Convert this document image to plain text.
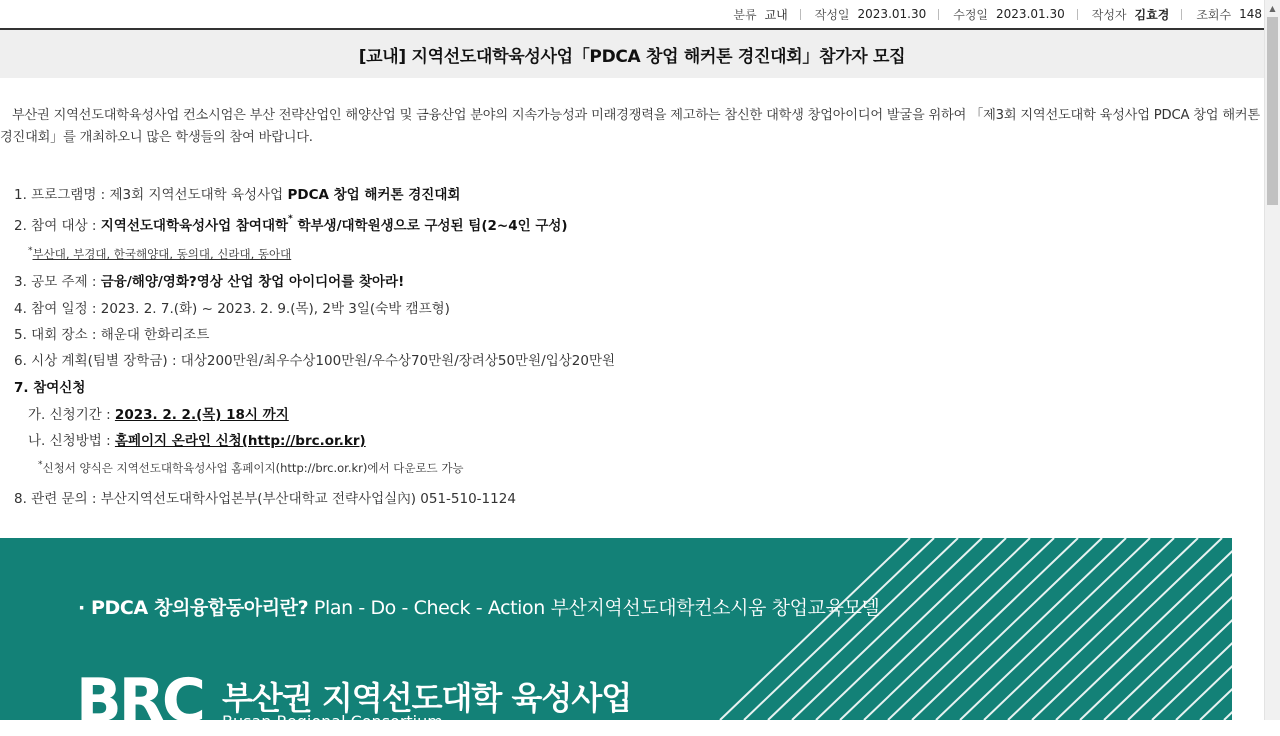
분류 교내 작성일 2023.01.30 수정일 2023.01.30 작성자 김효경 조회수 148
[교내] 지역선도대학육성사업「PDCA 창업 해커톤 경진대회」참가자 모집
부산권 지역선도대학육성사업 컨소시엄은 부산 전략산업인 해양산업 및 금융산업 분야의 지속가능성과 미래경쟁력을 제고하는 참신한 대학생 창업아이디어 발굴을 위하여 「제3회 지역선도대학 육성사업 PDCA 창업 해커톤 경진대회」를 개최하오니 많은 학생들의 참여 바랍니다.
1. 프로그램명 : 제3회 지역선도대학 육성사업 PDCA 창업 해커톤 경진대회
2. 참여 대상 : 지역선도대학육성사업 참여대학* 학부생/대학원생으로 구성된 팀(2~4인 구성)
*부산대, 부경대, 한국해양대, 동의대, 신라대, 동아대
3. 공모 주제 : 금융/해양/영화?영상 산업 창업 아이디어를 찾아라!
4. 참여 일정 : 2023. 2. 7.(화) ~ 2023. 2. 9.(목), 2박 3일(숙박 캠프형)
5. 대회 장소 : 해운대 한화리조트
6. 시상 계획(팀별 장학금) : 대상200만원/최우수상100만원/우수상70만원/장려상50만원/입상20만원
7. 참여신청
가. 신청기간 : 2023. 2. 2.(목) 18시 까지
나. 신청방법 : 홈페이지 온라인 신청(http://brc.or.kr)
*신청서 양식은 지역선도대학육성사업 홈페이지(http://brc.or.kr)에서 다운로드 가능
8. 관련 문의 : 부산지역선도대학사업본부(부산대학교 전략사업실內) 051-510-1124
· PDCA 창의융합동아리란? Plan - Do - Check - Action 부산지역선도대학컨소시움 창업교육모델
BRC 부산권 지역선도대학 육성사업
Busan Regional Consortium
▲
